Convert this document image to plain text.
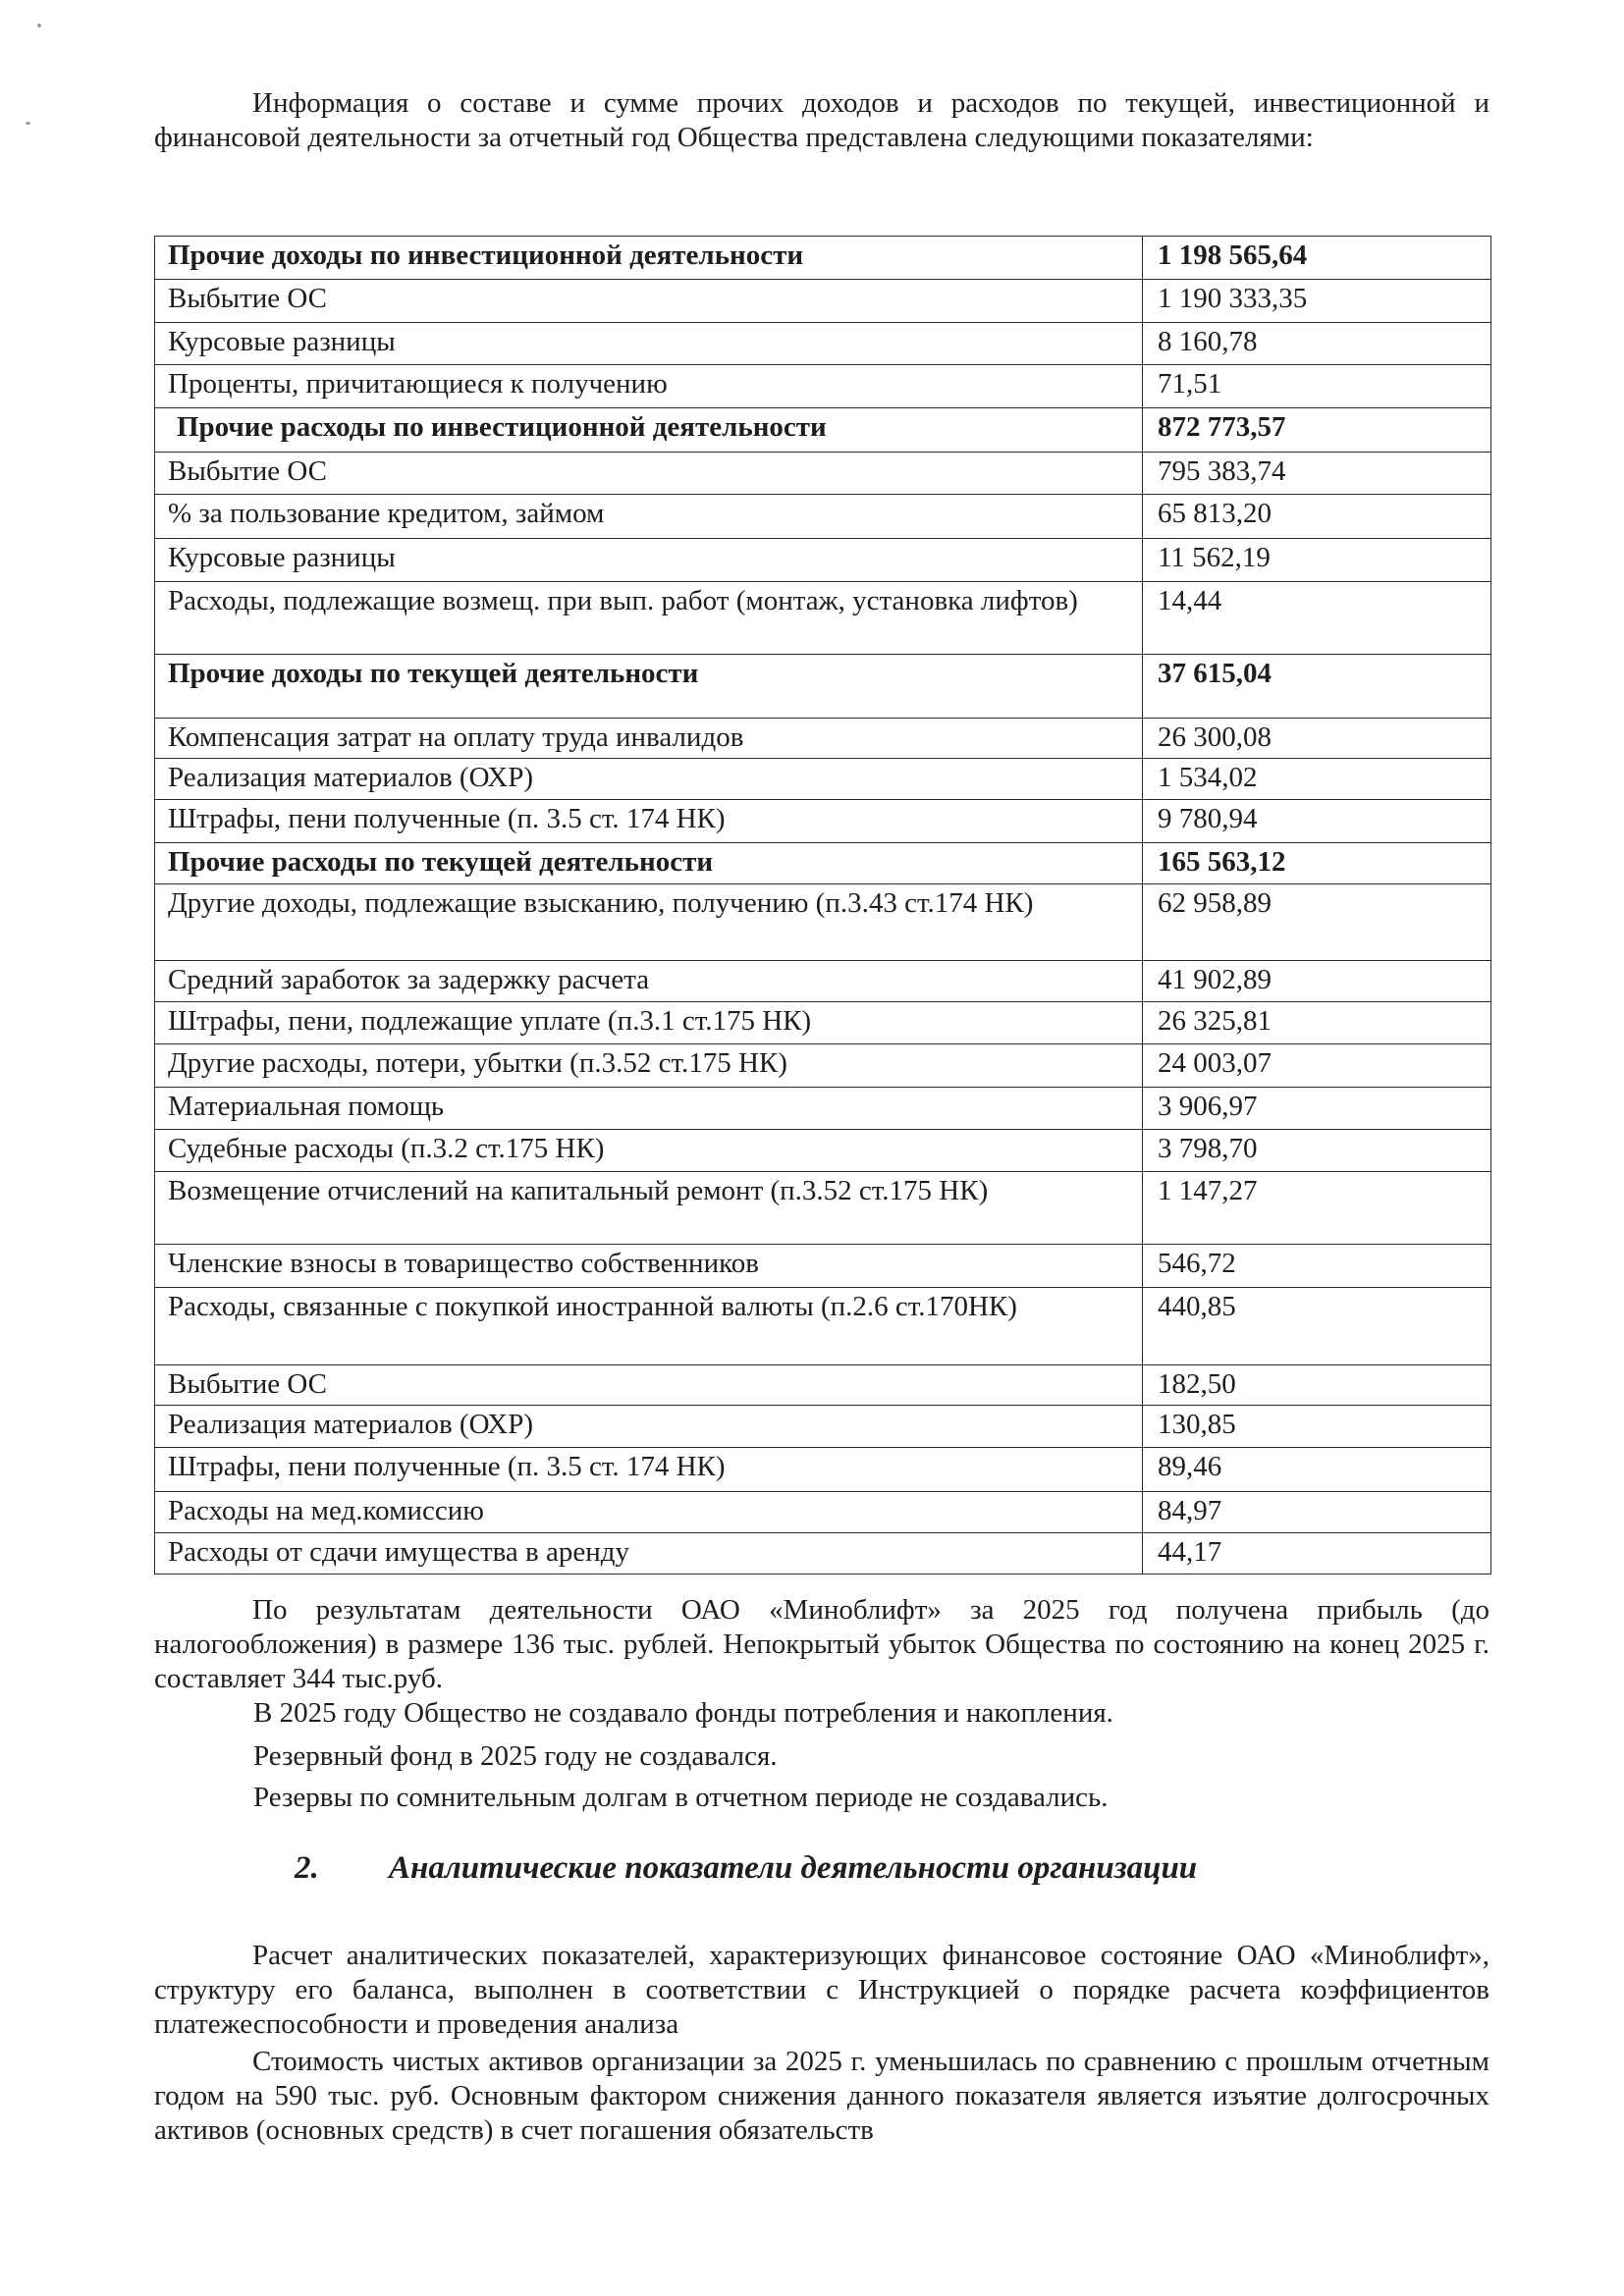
Информация о составе и сумме прочих доходов и расходов по текущей, инвестиционной и финансовой деятельности за отчетный год Общества представлена следующими показателями:

Прочие доходы по инвестиционной деятельности	1 198 565,64
Выбытие ОС	1 190 333,35
Курсовые разницы	8 160,78
Проценты, причитающиеся к получению	71,51
Прочие расходы по инвестиционной деятельности	872 773,57
Выбытие ОС	795 383,74
% за пользование кредитом, займом	65 813,20
Курсовые разницы	11 562,19
Расходы, подлежащие возмещ. при вып. работ (монтаж, установка лифтов)	14,44
Прочие доходы по текущей деятельности	37 615,04
Компенсация затрат на оплату труда инвалидов	26 300,08
Реализация материалов (ОХР)	1 534,02
Штрафы, пени полученные (п. 3.5 ст. 174 НК)	9 780,94
Прочие расходы по текущей деятельности	165 563,12
Другие доходы, подлежащие взысканию, получению (п.3.43 ст.174 НК)	62 958,89
Средний заработок за задержку расчета	41 902,89
Штрафы, пени, подлежащие уплате (п.3.1 ст.175 НК)	26 325,81
Другие расходы, потери, убытки (п.3.52 ст.175 НК)	24 003,07
Материальная помощь	3 906,97
Судебные расходы (п.3.2 ст.175 НК)	3 798,70
Возмещение отчислений на капитальный ремонт (п.3.52 ст.175 НК)	1 147,27
Членские взносы в товарищество собственников	546,72
Расходы, связанные с покупкой иностранной валюты (п.2.6 ст.170НК)	440,85
Выбытие ОС	182,50
Реализация материалов (ОХР)	130,85
Штрафы, пени полученные (п. 3.5 ст. 174 НК)	89,46
Расходы на мед.комиссию	84,97
Расходы от сдачи имущества в аренду	44,17

По результатам деятельности ОАО «Миноблифт» за 2025 год получена прибыль (до налогообложения) в размере 136 тыс. рублей. Непокрытый убыток Общества по состоянию на конец 2025 г. составляет 344 тыс.руб.

В 2025 году Общество не создавало фонды потребления и накопления.

Резервный фонд в 2025 году не создавался.

Резервы по сомнительным долгам в отчетном периоде не создавались.

2. Аналитические показатели деятельности организации

Расчет аналитических показателей, характеризующих финансовое состояние ОАО «Миноблифт», структуру его баланса, выполнен в соответствии с Инструкцией о порядке расчета коэффициентов платежеспособности и проведения анализа

Стоимость чистых активов организации за 2025 г. уменьшилась по сравнению с прошлым отчетным годом на 590 тыс. руб. Основным фактором снижения данного показателя является изъятие долгосрочных активов (основных средств) в счет погашения обязательств
